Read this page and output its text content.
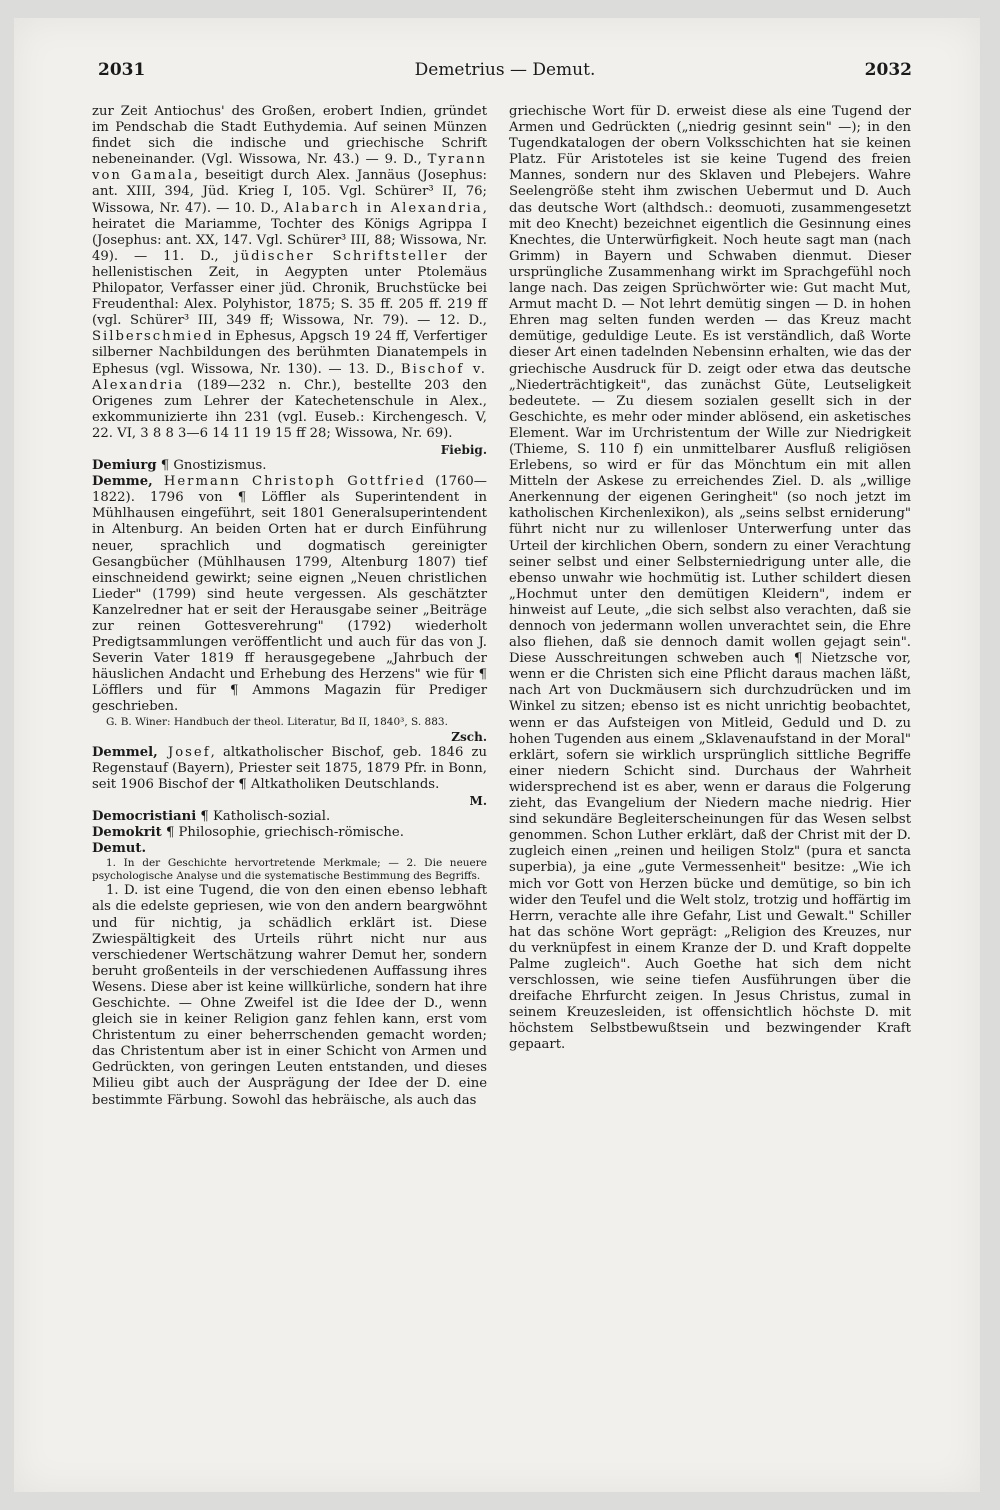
2031	Demetrius — Demut.	2032

zur Zeit Antiochus' des Großen, erobert Indien, gründet im Pendschab die Stadt Euthydemia. Auf seinen Münzen findet sich die indische und griechische Schrift nebeneinander. (Vgl. Wissowa, Nr. 43.) — 9. D., Tyrann von Gamala, beseitigt durch Alex. Jannäus (Josephus: ant. XIII, 394, Jüd. Krieg I, 105. Vgl. Schürer³ II, 76; Wissowa, Nr. 47). — 10. D., Alabarch in Alexandria, heiratet die Mariamme, Tochter des Königs Agrippa I (Josephus: ant. XX, 147. Vgl. Schürer³ III, 88; Wissowa, Nr. 49). — 11. D., jüdischer Schriftsteller der hellenistischen Zeit, in Aegypten unter Ptolemäus Philopator, Verfasser einer jüd. Chronik, Bruchstücke bei Freudenthal: Alex. Polyhistor, 1875; S. 35 ff. 205 ff. 219 ff (vgl. Schürer³ III, 349 ff; Wissowa, Nr. 79). — 12. D., Silberschmied in Ephesus, Apgsch 19 24 ff, Verfertiger silberner Nachbildungen des berühmten Dianatempels in Ephesus (vgl. Wissowa, Nr. 130). — 13. D., Bischof v. Alexandria (189—232 n. Chr.), bestellte 203 den Origenes zum Lehrer der Katechetenschule in Alex., exkommunizierte ihn 231 (vgl. Euseb.: Kirchengesch. V, 22. VI, 3 8 8 3—6 14 11 19 15 ff 28; Wissowa, Nr. 69).

Fiebig.

Demiurg ¶ Gnostizismus.

Demme, Hermann Christoph Gottfried (1760—1822). 1796 von ¶ Löffler als Superintendent in Mühlhausen eingeführt, seit 1801 Generalsuperintendent in Altenburg. An beiden Orten hat er durch Einführung neuer, sprachlich und dogmatisch gereinigter Gesangbücher (Mühlhausen 1799, Altenburg 1807) tief einschneidend gewirkt; seine eignen „Neuen christlichen Lieder" (1799) sind heute vergessen. Als geschätzter Kanzelredner hat er seit der Herausgabe seiner „Beiträge zur reinen Gottesverehrung" (1792) wiederholt Predigtsammlungen veröffentlicht und auch für das von J. Severin Vater 1819 ff herausgegebene „Jahrbuch der häuslichen Andacht und Erhebung des Herzens" wie für ¶ Löfflers und für ¶ Ammons Magazin für Prediger geschrieben.

G. B. Winer: Handbuch der theol. Literatur, Bd II, 1840³, S. 883.

Zsch.

Demmel, Josef, altkatholischer Bischof, geb. 1846 zu Regenstauf (Bayern), Priester seit 1875, 1879 Pfr. in Bonn, seit 1906 Bischof der ¶ Altkatholiken Deutschlands.

M.

Democristiani ¶ Katholisch-sozial.

Demokrit ¶ Philosophie, griechisch-römische.

Demut.

1. In der Geschichte hervortretende Merkmale; — 2. Die neuere psychologische Analyse und die systematische Bestimmung des Begriffs.

1. D. ist eine Tugend, die von den einen ebenso lebhaft als die edelste gepriesen, wie von den andern beargwöhnt und für nichtig, ja schädlich erklärt ist. Diese Zwiespältigkeit des Urteils rührt nicht nur aus verschiedener Wertschätzung wahrer Demut her, sondern beruht großenteils in der verschiedenen Auffassung ihres Wesens. Diese aber ist keine willkürliche, sondern hat ihre Geschichte. — Ohne Zweifel ist die Idee der D., wenn gleich sie in keiner Religion ganz fehlen kann, erst vom Christentum zu einer beherrschenden gemacht worden; das Christentum aber ist in einer Schicht von Armen und Gedrückten, von geringen Leuten entstanden, und dieses Milieu gibt auch der Ausprägung der Idee der D. eine bestimmte Färbung. Sowohl das hebräische, als auch das

griechische Wort für D. erweist diese als eine Tugend der Armen und Gedrückten („niedrig gesinnt sein" —); in den Tugendkatalogen der obern Volksschichten hat sie keinen Platz. Für Aristoteles ist sie keine Tugend des freien Mannes, sondern nur des Sklaven und Plebejers. Wahre Seelengröße steht ihm zwischen Uebermut und D. Auch das deutsche Wort (althdsch.: deomuoti, zusammengesetzt mit deo Knecht) bezeichnet eigentlich die Gesinnung eines Knechtes, die Unterwürfigkeit. Noch heute sagt man (nach Grimm) in Bayern und Schwaben dienmut. Dieser ursprüngliche Zusammenhang wirkt im Sprachgefühl noch lange nach. Das zeigen Sprüchwörter wie: Gut macht Mut, Armut macht D. — Not lehrt demütig singen — D. in hohen Ehren mag selten funden werden — das Kreuz macht demütige, geduldige Leute. Es ist verständlich, daß Worte dieser Art einen tadelnden Nebensinn erhalten, wie das der griechische Ausdruck für D. zeigt oder etwa das deutsche „Niederträchtigkeit", das zunächst Güte, Leutseligkeit bedeutete. — Zu diesem sozialen gesellt sich in der Geschichte, es mehr oder minder ablösend, ein asketisches Element. War im Urchristentum der Wille zur Niedrigkeit (Thieme, S. 110 f) ein unmittelbarer Ausfluß religiösen Erlebens, so wird er für das Mönchtum ein mit allen Mitteln der Askese zu erreichendes Ziel. D. als „willige Anerkennung der eigenen Geringheit" (so noch jetzt im katholischen Kirchenlexikon), als „seins selbst erniderung" führt nicht nur zu willenloser Unterwerfung unter das Urteil der kirchlichen Obern, sondern zu einer Verachtung seiner selbst und einer Selbsterniedrigung unter alle, die ebenso unwahr wie hochmütig ist. Luther schildert diesen „Hochmut unter den demütigen Kleidern", indem er hinweist auf Leute, „die sich selbst also verachten, daß sie dennoch von jedermann wollen unverachtet sein, die Ehre also fliehen, daß sie dennoch damit wollen gejagt sein". Diese Ausschreitungen schweben auch ¶ Nietzsche vor, wenn er die Christen sich eine Pflicht daraus machen läßt, nach Art von Duckmäusern sich durchzudrücken und im Winkel zu sitzen; ebenso ist es nicht unrichtig beobachtet, wenn er das Aufsteigen von Mitleid, Geduld und D. zu hohen Tugenden aus einem „Sklavenaufstand in der Moral" erklärt, sofern sie wirklich ursprünglich sittliche Begriffe einer niedern Schicht sind. Durchaus der Wahrheit widersprechend ist es aber, wenn er daraus die Folgerung zieht, das Evangelium der Niedern mache niedrig. Hier sind sekundäre Begleiterscheinungen für das Wesen selbst genommen. Schon Luther erklärt, daß der Christ mit der D. zugleich einen „reinen und heiligen Stolz" (pura et sancta superbia), ja eine „gute Vermessenheit" besitze: „Wie ich mich vor Gott von Herzen bücke und demütige, so bin ich wider den Teufel und die Welt stolz, trotzig und hoffärtig im Herrn, verachte alle ihre Gefahr, List und Gewalt." Schiller hat das schöne Wort geprägt: „Religion des Kreuzes, nur du verknüpfest in einem Kranze der D. und Kraft doppelte Palme zugleich". Auch Goethe hat sich dem nicht verschlossen, wie seine tiefen Ausführungen über die dreifache Ehrfurcht zeigen. In Jesus Christus, zumal in seinem Kreuzesleiden, ist offensichtlich höchste D. mit höchstem Selbstbewußtsein und bezwingender Kraft gepaart.
